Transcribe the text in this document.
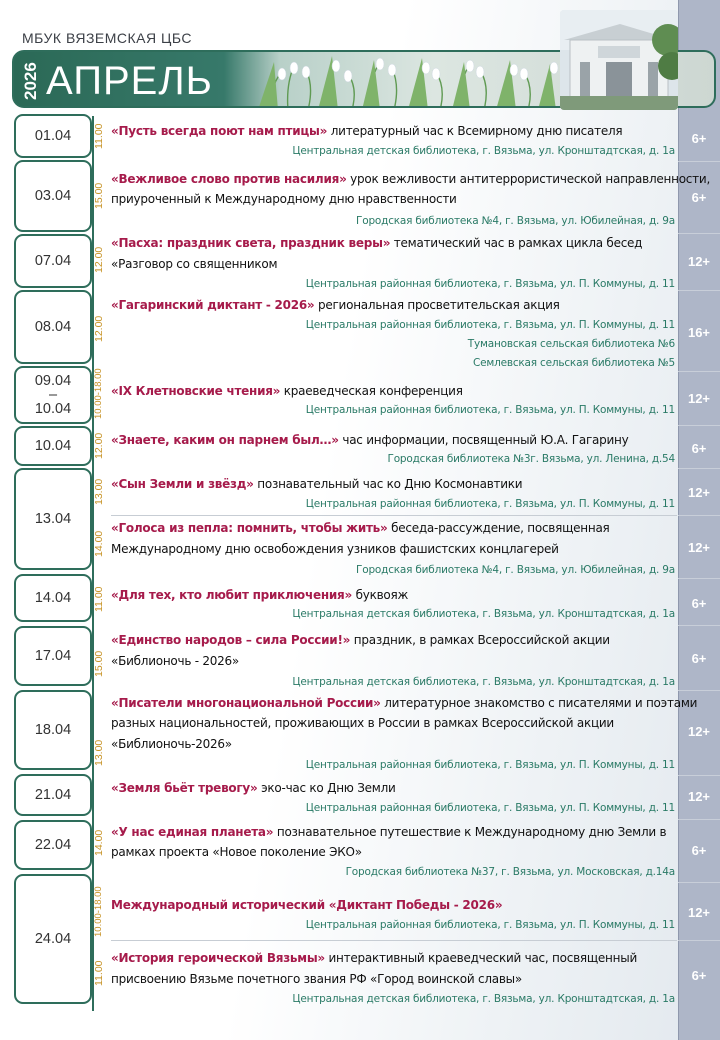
МБУК ВЯЗЕМСКАЯ ЦБС
2026 АПРЕЛЬ
01.04
03.04
07.04
08.04
09.04
–
10.04
10.04
13.04
14.04
17.04
18.04
21.04
22.04
24.04
11.00 «Пусть всегда поют нам птицы» литературный час к Всемирному дню писателя
Центральная детская библиотека, г. Вязьма, ул. Кронштадтская, д. 1а
6+
15.00
«Вежливое слово против насилия» урок вежливости антитеррористической направленности,
приуроченный к Международному дню нравственности
Городская библиотека №4, г. Вязьма, ул. Юбилейная, д. 9а
6+
12.00
«Пасха: праздник света, праздник веры» тематический час в рамках цикла бесед
«Разговор со священником
Центральная районная библиотека, г. Вязьма, ул. П. Коммуны, д. 11
12+
12.00
«Гагаринский диктант - 2026» региональная просветительская акция
Центральная районная библиотека, г. Вязьма, ул. П. Коммуны, д. 11
Тумановская сельская библиотека №6
Семлевская сельская библиотека №5
16+
10.00-18.00 «IX Клетновские чтения» краеведческая конференция
Центральная районная библиотека, г. Вязьма, ул. П. Коммуны, д. 11
12+
12.00 «Знаете, каким он парнем был…» час информации, посвященный Ю.А. Гагарину
Городская библиотека №3г. Вязьма, ул. Ленина, д.54
6+
13.00 «Сын Земли и звёзд» познавательный час ко Дню Космонавтики
Центральная районная библиотека, г. Вязьма, ул. П. Коммуны, д. 11
12+
14.00
«Голоса из пепла: помнить, чтобы жить» беседа-рассуждение, посвященная
Международному дню освобождения узников фашистских концлагерей
Городская библиотека №4, г. Вязьма, ул. Юбилейная, д. 9а
12+
11.00 «Для тех, кто любит приключения» буквояж
Центральная детская библиотека, г. Вязьма, ул. Кронштадтская, д. 1а
6+
15.00
«Единство народов – сила России!» праздник, в рамках Всероссийской акции
«Библионочь - 2026»
Центральная детская библиотека, г. Вязьма, ул. Кронштадтская, д. 1а
6+
13.00
«Писатели многонациональной России» литературное знакомство с писателями и поэтами
разных национальностей, проживающих в России в рамках Всероссийской акции
«Библионочь-2026»
Центральная районная библиотека, г. Вязьма, ул. П. Коммуны, д. 11
12+
«Земля бьёт тревогу» эко-час ко Дню Земли
Центральная районная библиотека, г. Вязьма, ул. П. Коммуны, д. 11
12+
14.00 «У нас единая планета» познавательное путешествие к Международному дню Земли в
рамках проекта «Новое поколение ЭКО»
Городская библиотека №37, г. Вязьма, ул. Московская, д.14а
6+
10.00-18.00 Международный исторический «Диктант Победы - 2026»
Центральная районная библиотека, г. Вязьма, ул. П. Коммуны, д. 11
12+
11.00
«История героической Вязьмы» интерактивный краеведческий час, посвященный
присвоению Вязьме почетного звания РФ «Город воинской славы»
Центральная детская библиотека, г. Вязьма, ул. Кронштадтская, д. 1а
6+
